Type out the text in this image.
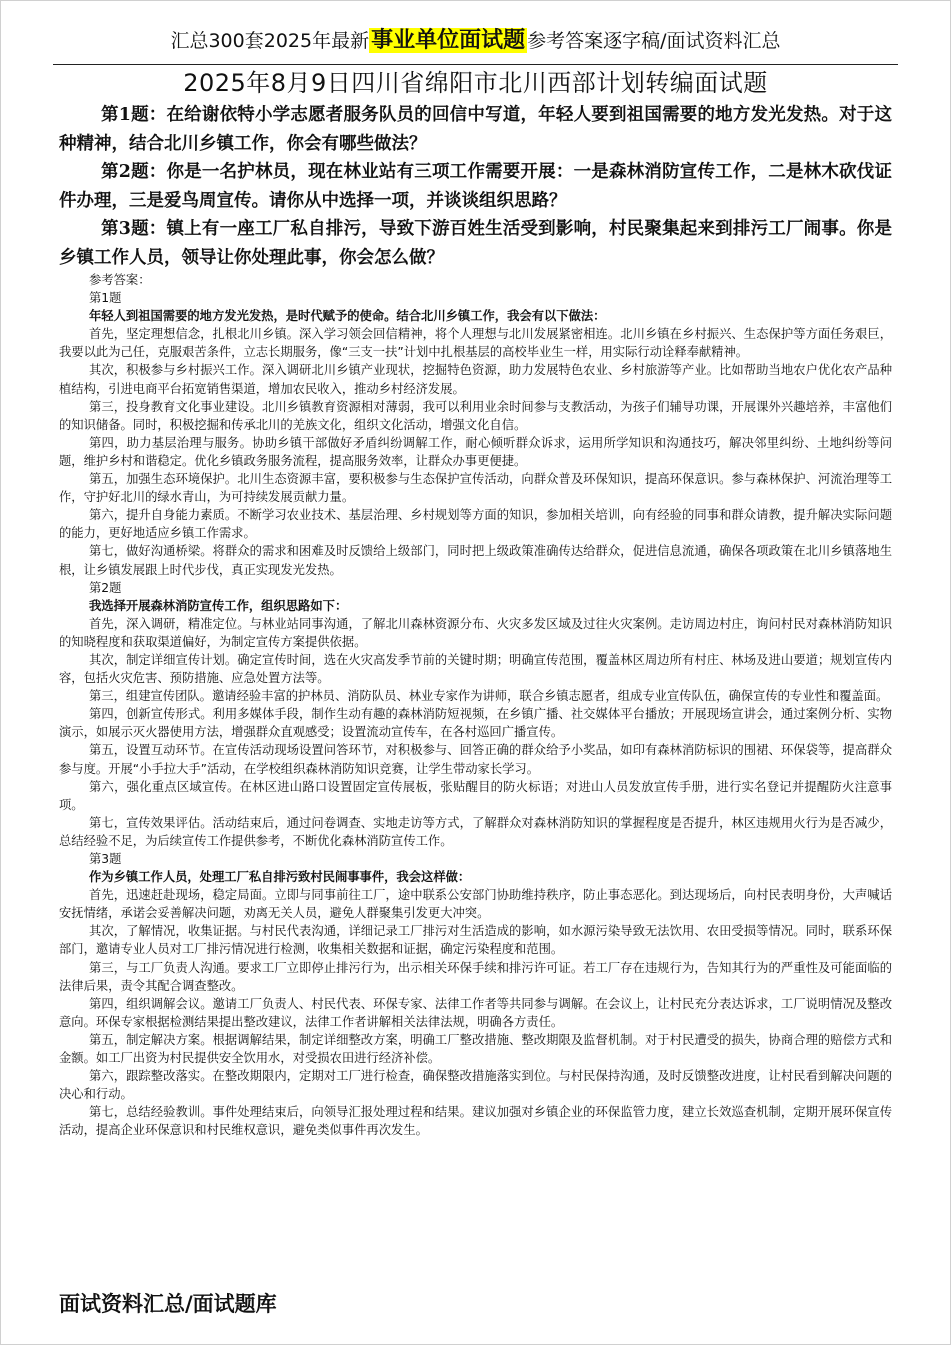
汇总300套2025年最新事业单位面试题 参考答案逐字稿/面试资料汇总
2025年8月9日四川省绵阳市北川西部计划转编面试题

第1题：在给谢依特小学志愿者服务队员的回信中写道，年轻人要到祖国需要的地方发光发热。对于这种精神，结合北川乡镇工作，你会有哪些做法？

第2题：你是一名护林员，现在林业站有三项工作需要开展：一是森林消防宣传工作，二是林木砍伐证件办理，三是爱鸟周宣传。请你从中选择一项，并谈谈组织思路？

第3题：镇上有一座工厂私自排污，导致下游百姓生活受到影响，村民聚集起来到排污工厂闹事。你是乡镇工作人员，领导让你处理此事，你会怎么做？

参考答案：

第1题

年轻人到祖国需要的地方发光发热，是时代赋予的使命。结合北川乡镇工作，我会有以下做法：

首先，坚定理想信念，扎根北川乡镇。深入学习领会回信精神，将个人理想与北川发展紧密相连。北川乡镇在乡村振兴、生态保护等方面任务艰巨，我要以此为己任，克服艰苦条件，立志长期服务，像“三支一扶”计划中扎根基层的高校毕业生一样，用实际行动诠释奉献精神。

其次，积极参与乡村振兴工作。深入调研北川乡镇产业现状，挖掘特色资源，助力发展特色农业、乡村旅游等产业。比如帮助当地农户优化农产品种植结构，引进电商平台拓宽销售渠道，增加农民收入，推动乡村经济发展。

第三，投身教育文化事业建设。北川乡镇教育资源相对薄弱，我可以利用业余时间参与支教活动，为孩子们辅导功课，开展课外兴趣培养，丰富他们的知识储备。同时，积极挖掘和传承北川的羌族文化，组织文化活动，增强文化自信。

第四，助力基层治理与服务。协助乡镇干部做好矛盾纠纷调解工作，耐心倾听群众诉求，运用所学知识和沟通技巧，解决邻里纠纷、土地纠纷等问题，维护乡村和谐稳定。优化乡镇政务服务流程，提高服务效率，让群众办事更便捷。

第五，加强生态环境保护。北川生态资源丰富，要积极参与生态保护宣传活动，向群众普及环保知识，提高环保意识。参与森林保护、河流治理等工作，守护好北川的绿水青山，为可持续发展贡献力量。

第六，提升自身能力素质。不断学习农业技术、基层治理、乡村规划等方面的知识，参加相关培训，向有经验的同事和群众请教，提升解决实际问题的能力，更好地适应乡镇工作需求。

第七，做好沟通桥梁。将群众的需求和困难及时反馈给上级部门，同时把上级政策准确传达给群众，促进信息流通，确保各项政策在北川乡镇落地生根，让乡镇发展跟上时代步伐，真正实现发光发热。

第2题

我选择开展森林消防宣传工作，组织思路如下：

首先，深入调研，精准定位。与林业站同事沟通，了解北川森林资源分布、火灾多发区域及过往火灾案例。走访周边村庄，询问村民对森林消防知识的知晓程度和获取渠道偏好，为制定宣传方案提供依据。

其次，制定详细宣传计划。确定宣传时间，选在火灾高发季节前的关键时期；明确宣传范围，覆盖林区周边所有村庄、林场及进山要道；规划宣传内容，包括火灾危害、预防措施、应急处置方法等。

第三，组建宣传团队。邀请经验丰富的护林员、消防队员、林业专家作为讲师，联合乡镇志愿者，组成专业宣传队伍，确保宣传的专业性和覆盖面。

第四，创新宣传形式。利用多媒体手段，制作生动有趣的森林消防短视频，在乡镇广播、社交媒体平台播放；开展现场宣讲会，通过案例分析、实物演示，如展示灭火器使用方法，增强群众直观感受；设置流动宣传车，在各村巡回广播宣传。

第五，设置互动环节。在宣传活动现场设置问答环节，对积极参与、回答正确的群众给予小奖品，如印有森林消防标识的围裙、环保袋等，提高群众参与度。开展“小手拉大手”活动，在学校组织森林消防知识竞赛，让学生带动家长学习。

第六，强化重点区域宣传。在林区进山路口设置固定宣传展板，张贴醒目的防火标语；对进山人员发放宣传手册，进行实名登记并提醒防火注意事项。

第七，宣传效果评估。活动结束后，通过问卷调查、实地走访等方式，了解群众对森林消防知识的掌握程度是否提升，林区违规用火行为是否减少，总结经验不足，为后续宣传工作提供参考，不断优化森林消防宣传工作。

第3题

作为乡镇工作人员，处理工厂私自排污致村民闹事事件，我会这样做：

首先，迅速赶赴现场，稳定局面。立即与同事前往工厂，途中联系公安部门协助维持秩序，防止事态恶化。到达现场后，向村民表明身份，大声喊话安抚情绪，承诺会妥善解决问题，劝离无关人员，避免人群聚集引发更大冲突。

其次，了解情况，收集证据。与村民代表沟通，详细记录工厂排污对生活造成的影响，如水源污染导致无法饮用、农田受损等情况。同时，联系环保部门，邀请专业人员对工厂排污情况进行检测，收集相关数据和证据，确定污染程度和范围。

第三，与工厂负责人沟通。要求工厂立即停止排污行为，出示相关环保手续和排污许可证。若工厂存在违规行为，告知其行为的严重性及可能面临的法律后果，责令其配合调查整改。

第四，组织调解会议。邀请工厂负责人、村民代表、环保专家、法律工作者等共同参与调解。在会议上，让村民充分表达诉求，工厂说明情况及整改意向。环保专家根据检测结果提出整改建议，法律工作者讲解相关法律法规，明确各方责任。

第五，制定解决方案。根据调解结果，制定详细整改方案，明确工厂整改措施、整改期限及监督机制。对于村民遭受的损失，协商合理的赔偿方式和金额。如工厂出资为村民提供安全饮用水，对受损农田进行经济补偿。

第六，跟踪整改落实。在整改期限内，定期对工厂进行检查，确保整改措施落实到位。与村民保持沟通，及时反馈整改进度，让村民看到解决问题的决心和行动。

第七，总结经验教训。事件处理结束后，向领导汇报处理过程和结果。建议加强对乡镇企业的环保监管力度，建立长效巡查机制，定期开展环保宣传活动，提高企业环保意识和村民维权意识，避免类似事件再次发生。

面试资料汇总/面试题库
